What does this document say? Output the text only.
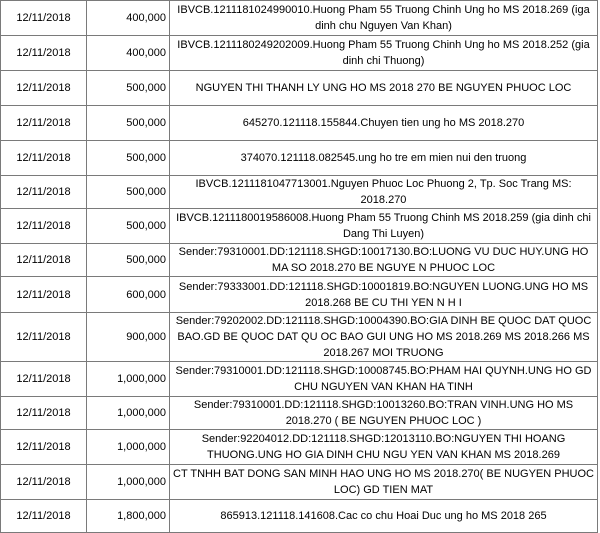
12/11/2018	400,000	IBVCB.1211181024990010.Huong Pham 55 Truong Chinh Ung ho MS 2018.269 (iga dinh chu Nguyen Van Khan)
12/11/2018	400,000	IBVCB.1211180249202009.Huong Pham 55 Truong Chinh Ung ho MS 2018.252 (gia dinh chi Thuong)
12/11/2018	500,000	NGUYEN THI THANH LY UNG HO MS 2018 270 BE NGUYEN PHUOC LOC
12/11/2018	500,000	645270.121118.155844.Chuyen tien ung ho MS 2018.270
12/11/2018	500,000	374070.121118.082545.ung ho tre em mien nui den truong
12/11/2018	500,000	IBVCB.1211181047713001.Nguyen Phuoc Loc Phuong 2, Tp. Soc Trang MS: 2018.270
12/11/2018	500,000	IBVCB.1211180019586008.Huong Pham 55 Truong Chinh MS 2018.259 (gia dinh chi Dang Thi Luyen)
12/11/2018	500,000	Sender:79310001.DD:121118.SHGD:10017130.BO:LUONG VU DUC HUY.UNG HO MA SO 2018.270 BE NGUYE N PHUOC LOC
12/11/2018	600,000	Sender:79333001.DD:121118.SHGD:10001819.BO:NGUYEN LUONG.UNG HO MS 2018.268 BE CU THI YEN N H I
12/11/2018	900,000	Sender:79202002.DD:121118.SHGD:10004390.BO:GIA DINH BE QUOC DAT QUOC BAO.GD BE QUOC DAT QU OC BAO GUI UNG HO MS 2018.269 MS 2018.266 MS 2018.267 MOI TRUONG
12/11/2018	1,000,000	Sender:79310001.DD:121118.SHGD:10008745.BO:PHAM HAI QUYNH.UNG HO GD CHU NGUYEN VAN KHAN HA TINH
12/11/2018	1,000,000	Sender:79310001.DD:121118.SHGD:10013260.BO:TRAN VINH.UNG HO MS 2018.270 ( BE NGUYEN PHUOC LOC )
12/11/2018	1,000,000	Sender:92204012.DD:121118.SHGD:12013110.BO:NGUYEN THI HOANG THUONG.UNG HO GIA DINH CHU NGU YEN VAN KHAN MS 2018.269
12/11/2018	1,000,000	CT TNHH BAT DONG SAN MINH HAO UNG HO MS 2018.270( BE NUGYEN PHUOC LOC) GD TIEN MAT
12/11/2018	1,800,000	865913.121118.141608.Cac co chu Hoai Duc ung ho MS 2018 265
